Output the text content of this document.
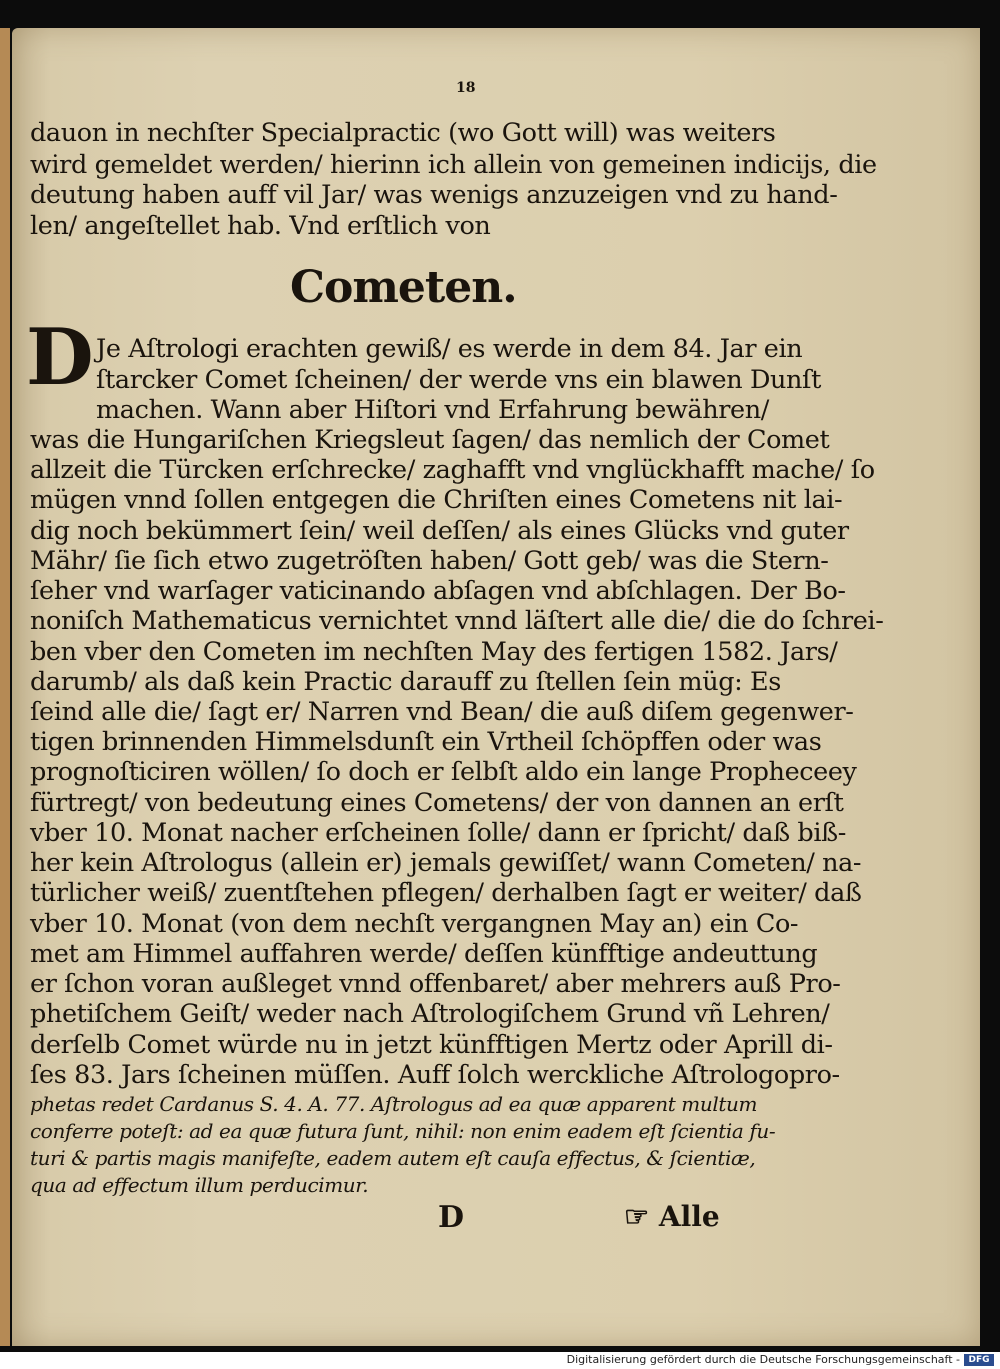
18
dauon in nechſter Specialpractic (wo Gott will) was weiters
wird gemeldet werden/ hierinn ich allein von gemeinen indicijs, die
deutung haben auff vil Jar/ was wenigs anzuzeigen vnd zu hand-
len/ angeſtellet hab. Vnd erſtlich von
Cometen.
D Je Aſtrologi erachten gewiß/ es werde in dem 84. Jar ein
ſtarcker Comet ſcheinen/ der werde vns ein blawen Dunſt
machen. Wann aber Hiſtori vnd Erfahrung bewähren/
was die Hungariſchen Kriegsleut ſagen/ das nemlich der Comet
allzeit die Türcken erſchrecke/ zaghafft vnd vnglückhafft mache/ ſo
mügen vnnd ſollen entgegen die Chriſten eines Cometens nit lai-
dig noch bekümmert ſein/ weil deſſen/ als eines Glücks vnd guter
Mähr/ ſie ſich etwo zugetröſten haben/ Gott geb/ was die Stern-
ſeher vnd warſager vaticinando abſagen vnd abſchlagen. Der Bo-
noniſch Mathematicus vernichtet vnnd läſtert alle die/ die do ſchrei-
ben vber den Cometen im nechſten May des fertigen 1582. Jars/
darumb/ als daß kein Practic darauff zu ſtellen ſein müg: Es
ſeind alle die/ ſagt er/ Narren vnd Bean/ die auß diſem gegenwer-
tigen brinnenden Himmelsdunſt ein Vrtheil ſchöpffen oder was
prognoſticiren wöllen/ ſo doch er ſelbſt aldo ein lange Propheceey
fürtregt/ von bedeutung eines Cometens/ der von dannen an erſt
vber 10. Monat nacher erſcheinen ſolle/ dann er ſpricht/ daß biß-
her kein Aſtrologus (allein er) jemals gewiſſet/ wann Cometen/ na-
türlicher weiß/ zuentſtehen pflegen/ derhalben ſagt er weiter/ daß
vber 10. Monat (von dem nechſt vergangnen May an) ein Co-
met am Himmel auffahren werde/ deſſen künfftige andeuttung
er ſchon voran außleget vnnd offenbaret/ aber mehrers auß Pro-
phetiſchem Geiſt/ weder nach Aſtrologiſchem Grund vñ Lehren/
derſelb Comet würde nu in jetzt künfftigen Mertz oder Aprill di-
ſes 83. Jars ſcheinen müſſen. Auff ſolch werckliche Aſtrologopro-
phetas redet Cardanus S. 4. A. 77. Aſtrologus ad ea quæ apparent multum
conferre poteſt: ad ea quæ futura ſunt, nihil: non enim eadem eſt ſcientia fu-
turi & partis magis manifeſte, eadem autem eſt cauſa effectus, & ſcientiæ,
qua ad effectum illum perducimur.
D	☞ Alle
Digitalisierung gefördert durch die Deutsche Forschungsgemeinschaft - DFG
